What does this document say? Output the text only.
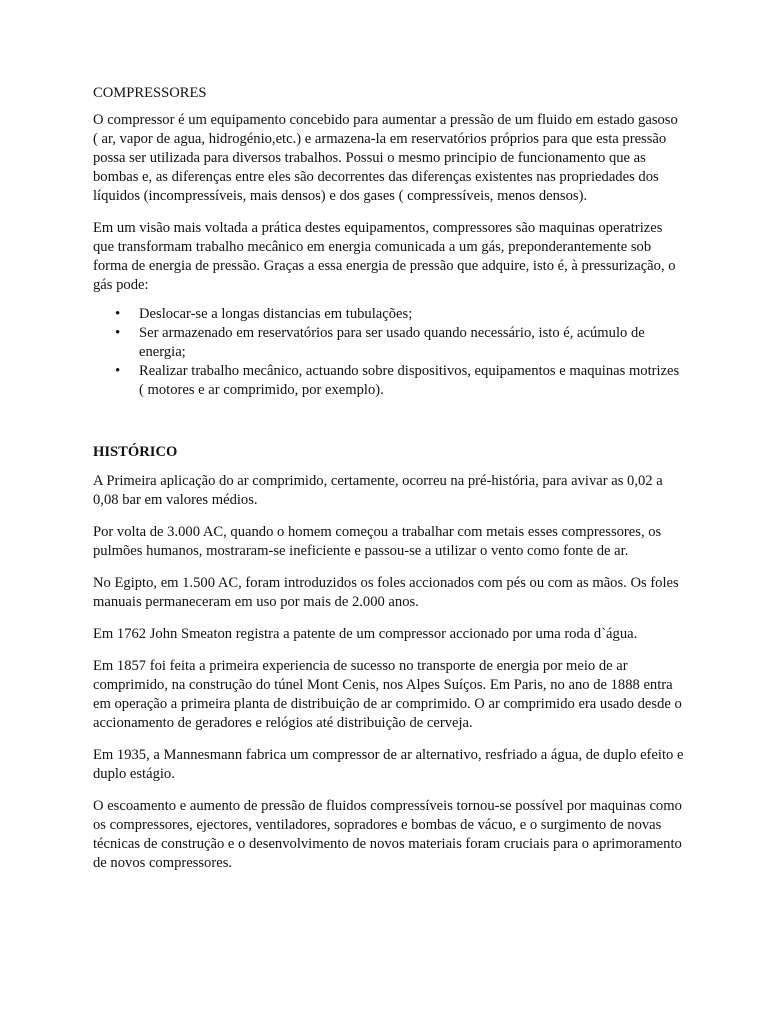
COMPRESSORES

O compressor é um equipamento concebido para aumentar a pressão de um fluido em estado gasoso ( ar, vapor de agua, hidrogénio,etc.) e armazena-la em reservatórios próprios para que esta pressão possa ser utilizada para diversos trabalhos. Possui o mesmo principio de funcionamento que as bombas e, as diferenças entre eles são decorrentes das diferenças existentes nas propriedades dos líquidos (incompressíveis, mais densos) e dos gases ( compressíveis, menos densos).

Em um visão mais voltada a prática destes equipamentos, compressores são maquinas operatrizes que transformam trabalho mecânico em energia comunicada a um gás, preponderantemente sob forma de energia de pressão. Graças a essa energia de pressão que adquire, isto é, à pressurização, o gás pode:

• Deslocar-se a longas distancias em tubulações;
• Ser armazenado em reservatórios para ser usado quando necessário, isto é, acúmulo de energia;
• Realizar trabalho mecânico, actuando sobre dispositivos, equipamentos e maquinas motrizes ( motores e ar comprimido, por exemplo).

HISTÓRICO

A Primeira aplicação do ar comprimido, certamente, ocorreu na pré-história, para avivar as 0,02 a 0,08 bar em valores médios.

Por volta de 3.000 AC, quando o homem começou a trabalhar com metais esses compressores, os pulmões humanos, mostraram-se ineficiente e passou-se a utilizar o vento como fonte de ar.

No Egipto, em 1.500 AC, foram introduzidos os foles accionados com pés ou com as mãos. Os foles manuais permaneceram em uso por mais de 2.000 anos.

Em 1762 John Smeaton registra a patente de um compressor accionado por uma roda d`água.

Em 1857 foi feita a primeira experiencia de sucesso no transporte de energia por meio de ar comprimido, na construção do túnel Mont Cenis, nos Alpes Suíços. Em Paris, no ano de 1888 entra em operação a primeira planta de distribuição de ar comprimido. O ar comprimido era usado desde o accionamento de geradores e relógios até distribuição de cerveja.

Em 1935, a Mannesmann fabrica um compressor de ar alternativo, resfriado a água, de duplo efeito e duplo estágio.

O escoamento e aumento de pressão de fluidos compressíveis tornou-se possível por maquinas como os compressores, ejectores, ventiladores, sopradores e bombas de vácuo, e o surgimento de novas técnicas de construção e o desenvolvimento de novos materiais foram cruciais para o aprimoramento de novos compressores.
